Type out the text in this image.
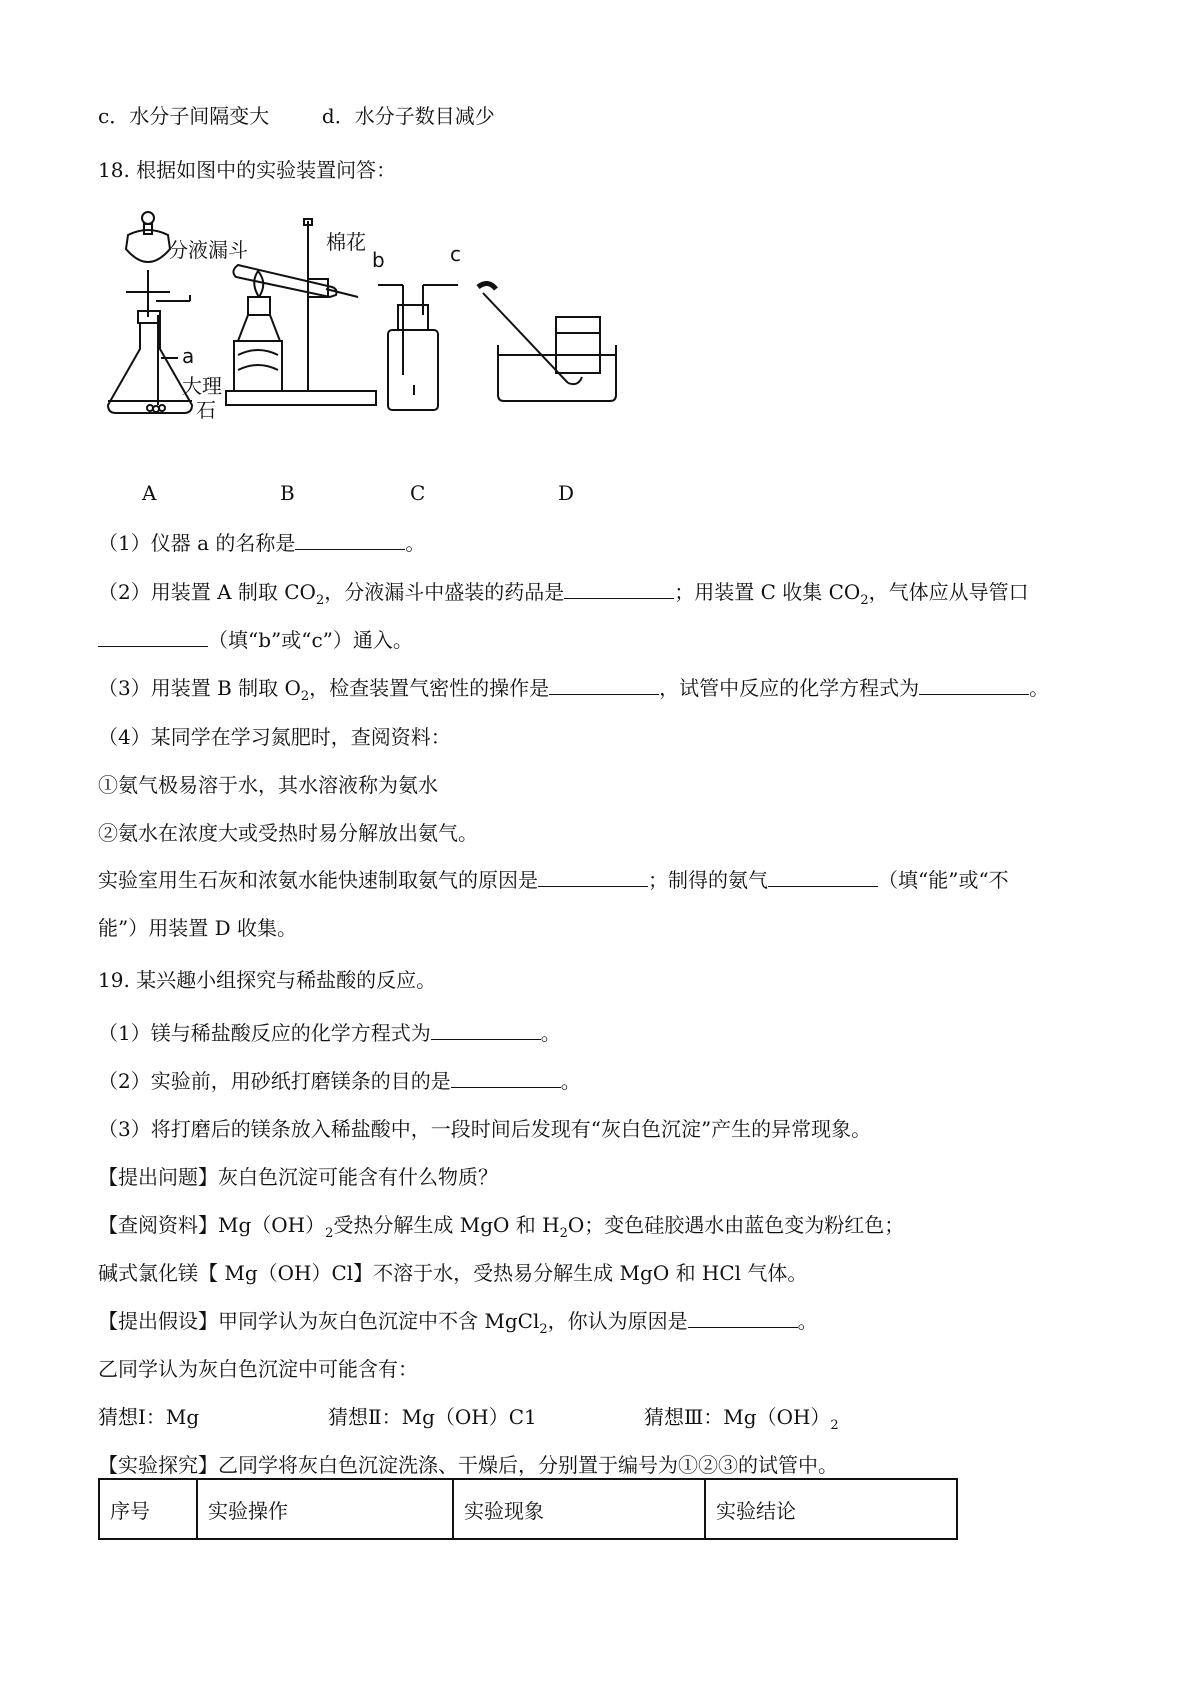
c．水分子间隔变大	d．水分子数目减少
18. 根据如图中的实验装置问答：
分液漏斗	棉花
a
大理
石
b	c
A	B	C	D
（1）仪器 a 的名称是	。
（2）用装置 A 制取 $CO_2$，分液漏斗中盛装的药品是	；用装置 C 收集 $CO_2$，气体应从导管口
（填“b”或“c”）通入。
（3）用装置 B 制取 $O_2$，检查装置气密性的操作是	，试管中反应的化学方程式为	。
（4）某同学在学习氮肥时，查阅资料：
①氨气极易溶于水，其水溶液称为氨水
②氨水在浓度大或受热时易分解放出氨气。
实验室用生石灰和浓氨水能快速制取氨气的原因是	；制得的氨气	（填“能”或“不
能”）用装置 D 收集。
19. 某兴趣小组探究与稀盐酸的反应。
（1）镁与稀盐酸反应的化学方程式为	。
（2）实验前，用砂纸打磨镁条的目的是	。
（3）将打磨后的镁条放入稀盐酸中，一段时间后发现有“灰白色沉淀”产生的异常现象。
【提出问题】灰白色沉淀可能含有什么物质？
【查阅资料】$Mg(OH)_2$受热分解生成 MgO 和 $H_2O$；变色硅胶遇水由蓝色变为粉红色；
碱式氯化镁【 Mg（OH）Cl】不溶于水，受热易分解生成 MgO 和 HCl 气体。
【提出假设】甲同学认为灰白色沉淀中不含 MgCl$_2$，你认为原因是	。
乙同学认为灰白色沉淀中可能含有：
猜想Ⅰ：Mg	猜想Ⅱ：Mg（OH）C1	猜想Ⅲ：$Mg(OH)_2$
【实验探究】乙同学将灰白色沉淀洗涤、干燥后，分别置于编号为①②③的试管中。
序号	实验操作	实验现象	实验结论
